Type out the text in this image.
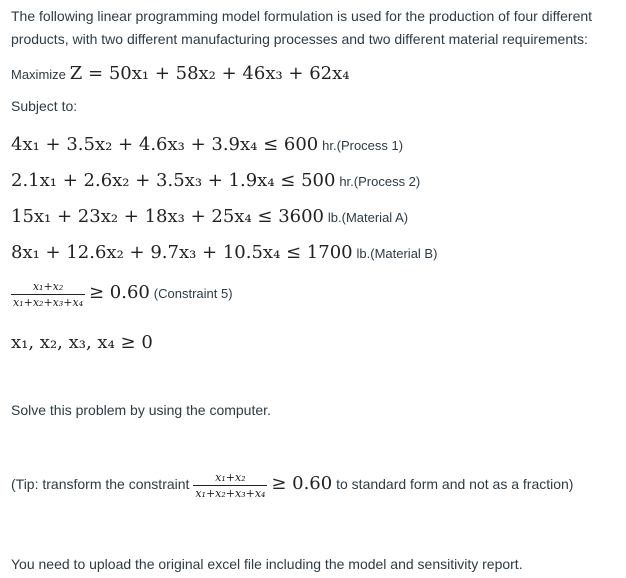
The following linear programming model formulation is used for the production of four different
products, with two different manufacturing processes and two different material requirements:
Maximize Z = 50x₁ + 58x₂ + 46x₃ + 62x₄
Subject to:
4x₁ + 3.5x₂ + 4.6x₃ + 3.9x₄ ≤ 600 hr.(Process 1)
2.1x₁ + 2.6x₂ + 3.5x₃ + 1.9x₄ ≤ 500 hr.(Process 2)
15x₁ + 23x₂ + 18x₃ + 25x₄ ≤ 3600 lb.(Material A)
8x₁ + 12.6x₂ + 9.7x₃ + 10.5x₄ ≤ 1700 lb.(Material B)
$\frac{\text{x₁+x₂}}{\text{x₁+x₂+x₃+x₄}} \ge 0.60$ (Constraint 5)
x₁, x₂, x₃, x₄ ≥ 0
Solve this problem by using the computer.
(Tip: transform the constraint $\frac{\text{x₁+x₂}}{\text{x₁+x₂+x₃+x₄}} \ge 0.60$ to standard form and not as a fraction)
You need to upload the original excel file including the model and sensitivity report.
